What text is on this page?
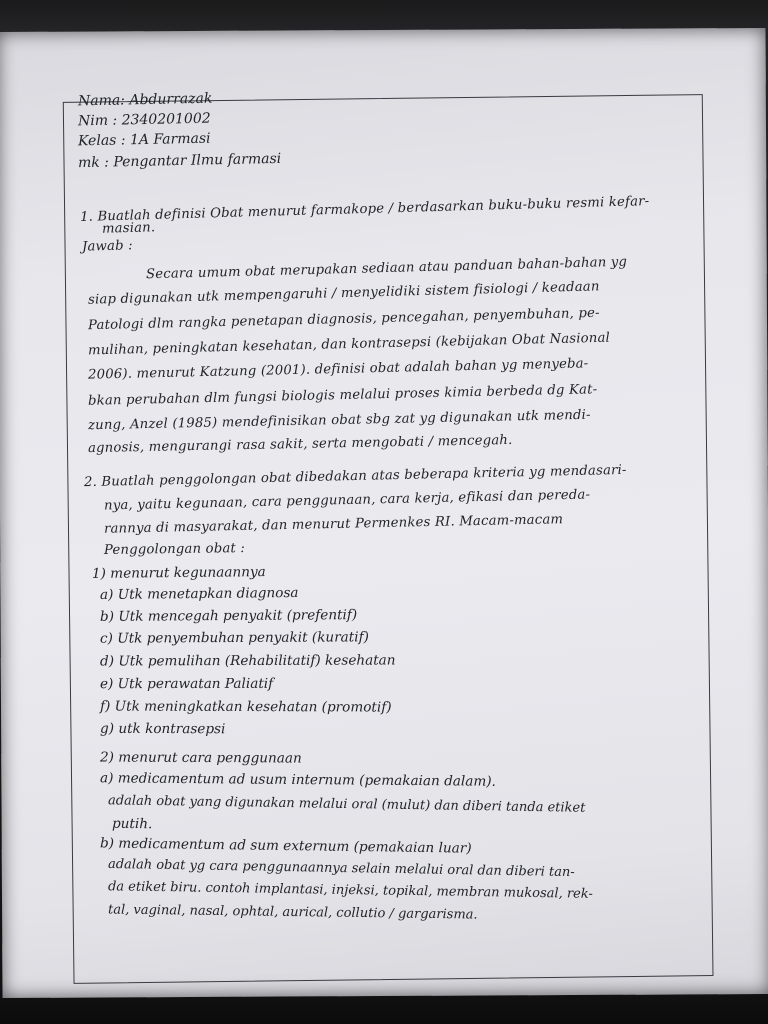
Nama: Abdurrazak
Nim : 2340201002
Kelas : 1A Farmasi
mk : Pengantar Ilmu farmasi
1. Buatlah definisi Obat menurut farmakope / berdasarkan buku-buku resmi kefar-
masian.
Jawab :
Secara umum obat merupakan sediaan atau panduan bahan-bahan yg
siap digunakan utk mempengaruhi / menyelidiki sistem fisiologi / keadaan
Patologi dlm rangka penetapan diagnosis, pencegahan, penyembuhan, pe-
mulihan, peningkatan kesehatan, dan kontrasepsi (kebijakan Obat Nasional
2006). menurut Katzung (2001). definisi obat adalah bahan yg menyeba-
bkan perubahan dlm fungsi biologis melalui proses kimia berbeda dg Kat-
zung, Anzel (1985) mendefinisikan obat sbg zat yg digunakan utk mendi-
agnosis, mengurangi rasa sakit, serta mengobati / mencegah.
2. Buatlah penggolongan obat dibedakan atas beberapa kriteria yg mendasari-
nya, yaitu kegunaan, cara penggunaan, cara kerja, efikasi dan pereda-
rannya di masyarakat, dan menurut Permenkes RI. Macam-macam
Penggolongan obat :
1) menurut kegunaannya
a) Utk menetapkan diagnosa
b) Utk mencegah penyakit (prefentif)
c) Utk penyembuhan penyakit (kuratif)
d) Utk pemulihan (Rehabilitatif) kesehatan
e) Utk perawatan Paliatif
f) Utk meningkatkan kesehatan (promotif)
g) utk kontrasepsi
2) menurut cara penggunaan
a) medicamentum ad usum internum (pemakaian dalam).
adalah obat yang digunakan melalui oral (mulut) dan diberi tanda etiket
putih.
b) medicamentum ad sum externum (pemakaian luar)
adalah obat yg cara penggunaannya selain melalui oral dan diberi tan-
da etiket biru. contoh implantasi, injeksi, topikal, membran mukosal, rek-
tal, vaginal, nasal, ophtal, aurical, collutio / gargarisma.
